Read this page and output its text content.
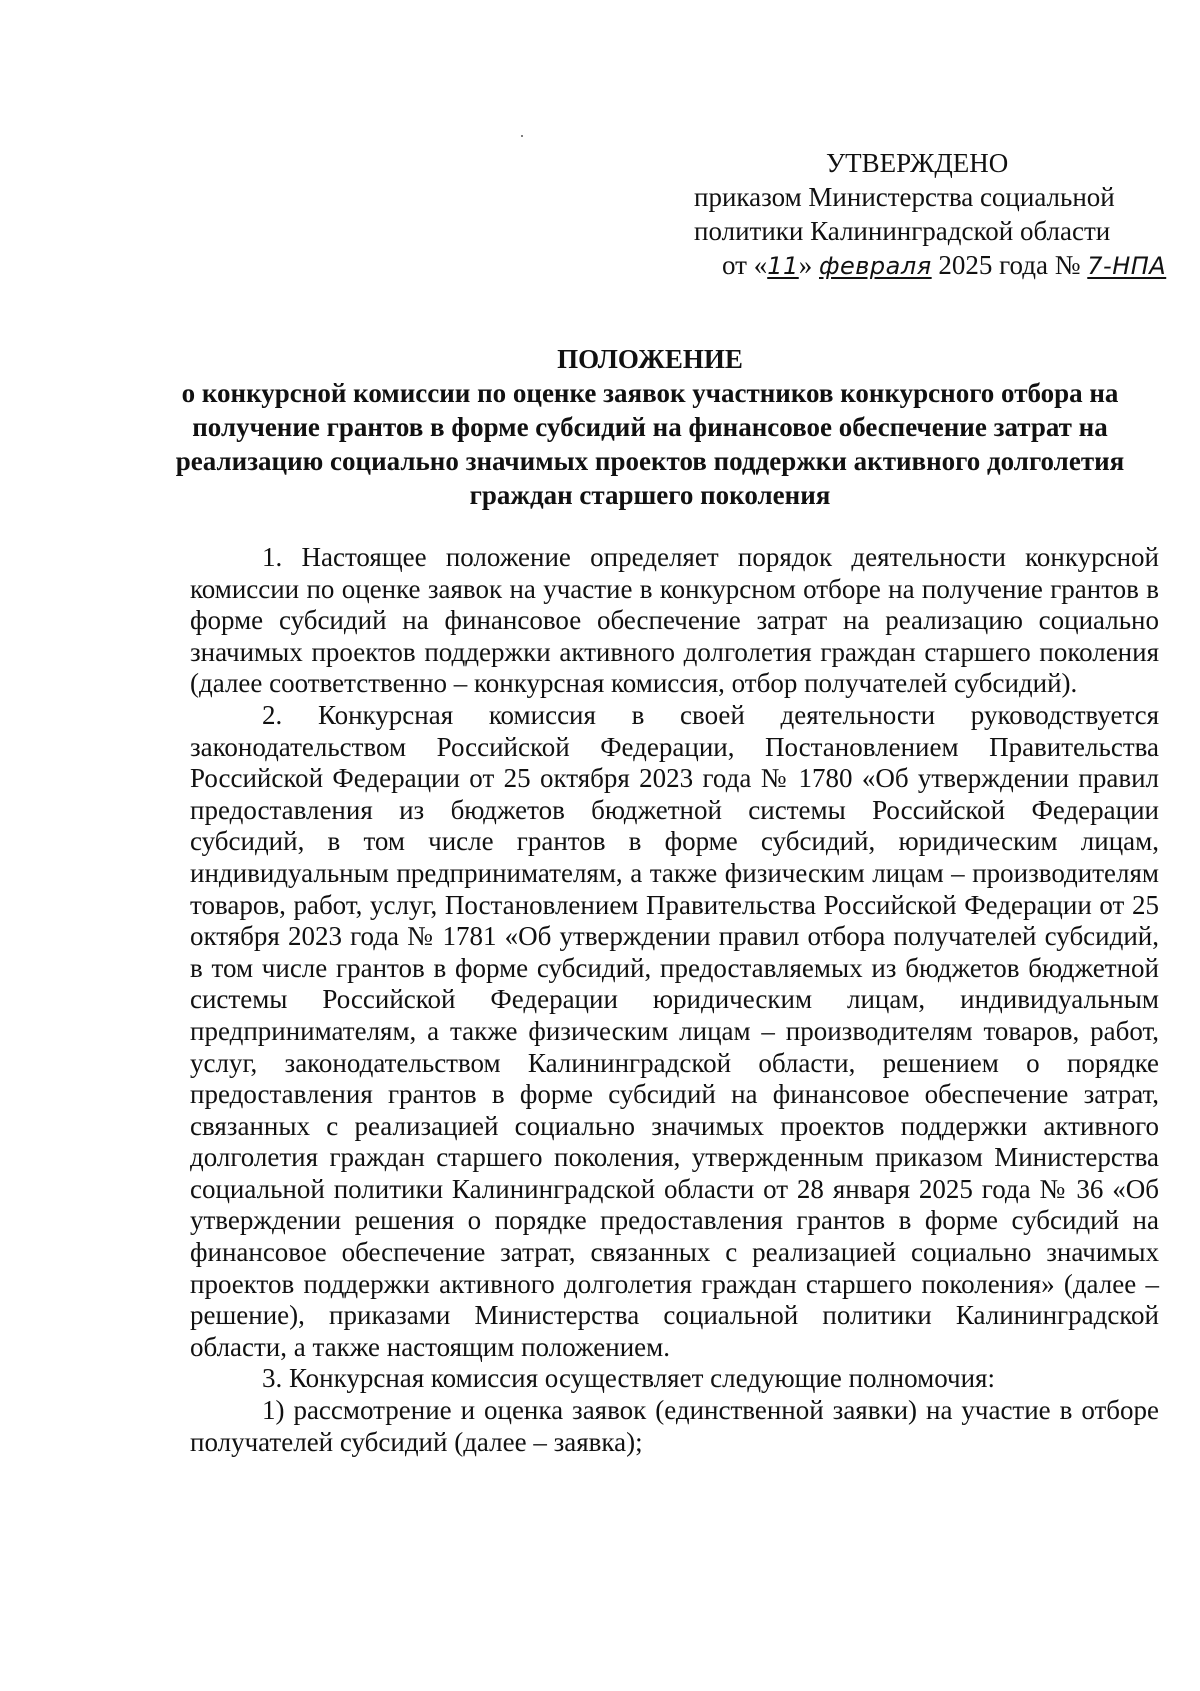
УТВЕРЖДЕНО
приказом Министерства социальной
политики Калининградской области
от «11» февраля 2025 года № 7-НПА
ПОЛОЖЕНИЕ
о конкурсной комиссии по оценке заявок участников конкурсного отбора на получение грантов в форме субсидий на финансовое обеспечение затрат на реализацию социально значимых проектов поддержки активного долголетия граждан старшего поколения

1. Настоящее положение определяет порядок деятельности конкурсной комиссии по оценке заявок на участие в конкурсном отборе на получение грантов в форме субсидий на финансовое обеспечение затрат на реализацию социально значимых проектов поддержки активного долголетия граждан старшего поколения (далее соответственно – конкурсная комиссия, отбор получателей субсидий).

2. Конкурсная комиссия в своей деятельности руководствуется законодательством Российской Федерации, Постановлением Правительства Российской Федерации от 25 октября 2023 года № 1780 «Об утверждении правил предоставления из бюджетов бюджетной системы Российской Федерации субсидий, в том числе грантов в форме субсидий, юридическим лицам, индивидуальным предпринимателям, а также физическим лицам – производителям товаров, работ, услуг, Постановлением Правительства Российской Федерации от 25 октября 2023 года № 1781 «Об утверждении правил отбора получателей субсидий, в том числе грантов в форме субсидий, предоставляемых из бюджетов бюджетной системы Российской Федерации юридическим лицам, индивидуальным предпринимателям, а также физическим лицам – производителям товаров, работ, услуг, законодательством Калининградской области, решением о порядке предоставления грантов в форме субсидий на финансовое обеспечение затрат, связанных с реализацией социально значимых проектов поддержки активного долголетия граждан старшего поколения, утвержденным приказом Министерства социальной политики Калининградской области от 28 января 2025 года № 36 «Об утверждении решения о порядке предоставления грантов в форме субсидий на финансовое обеспечение затрат, связанных с реализацией социально значимых проектов поддержки активного долголетия граждан старшего поколения» (далее – решение), приказами Министерства социальной политики Калининградской области, а также настоящим положением.

3. Конкурсная комиссия осуществляет следующие полномочия:

1) рассмотрение и оценка заявок (единственной заявки) на участие в отборе получателей субсидий (далее – заявка);
